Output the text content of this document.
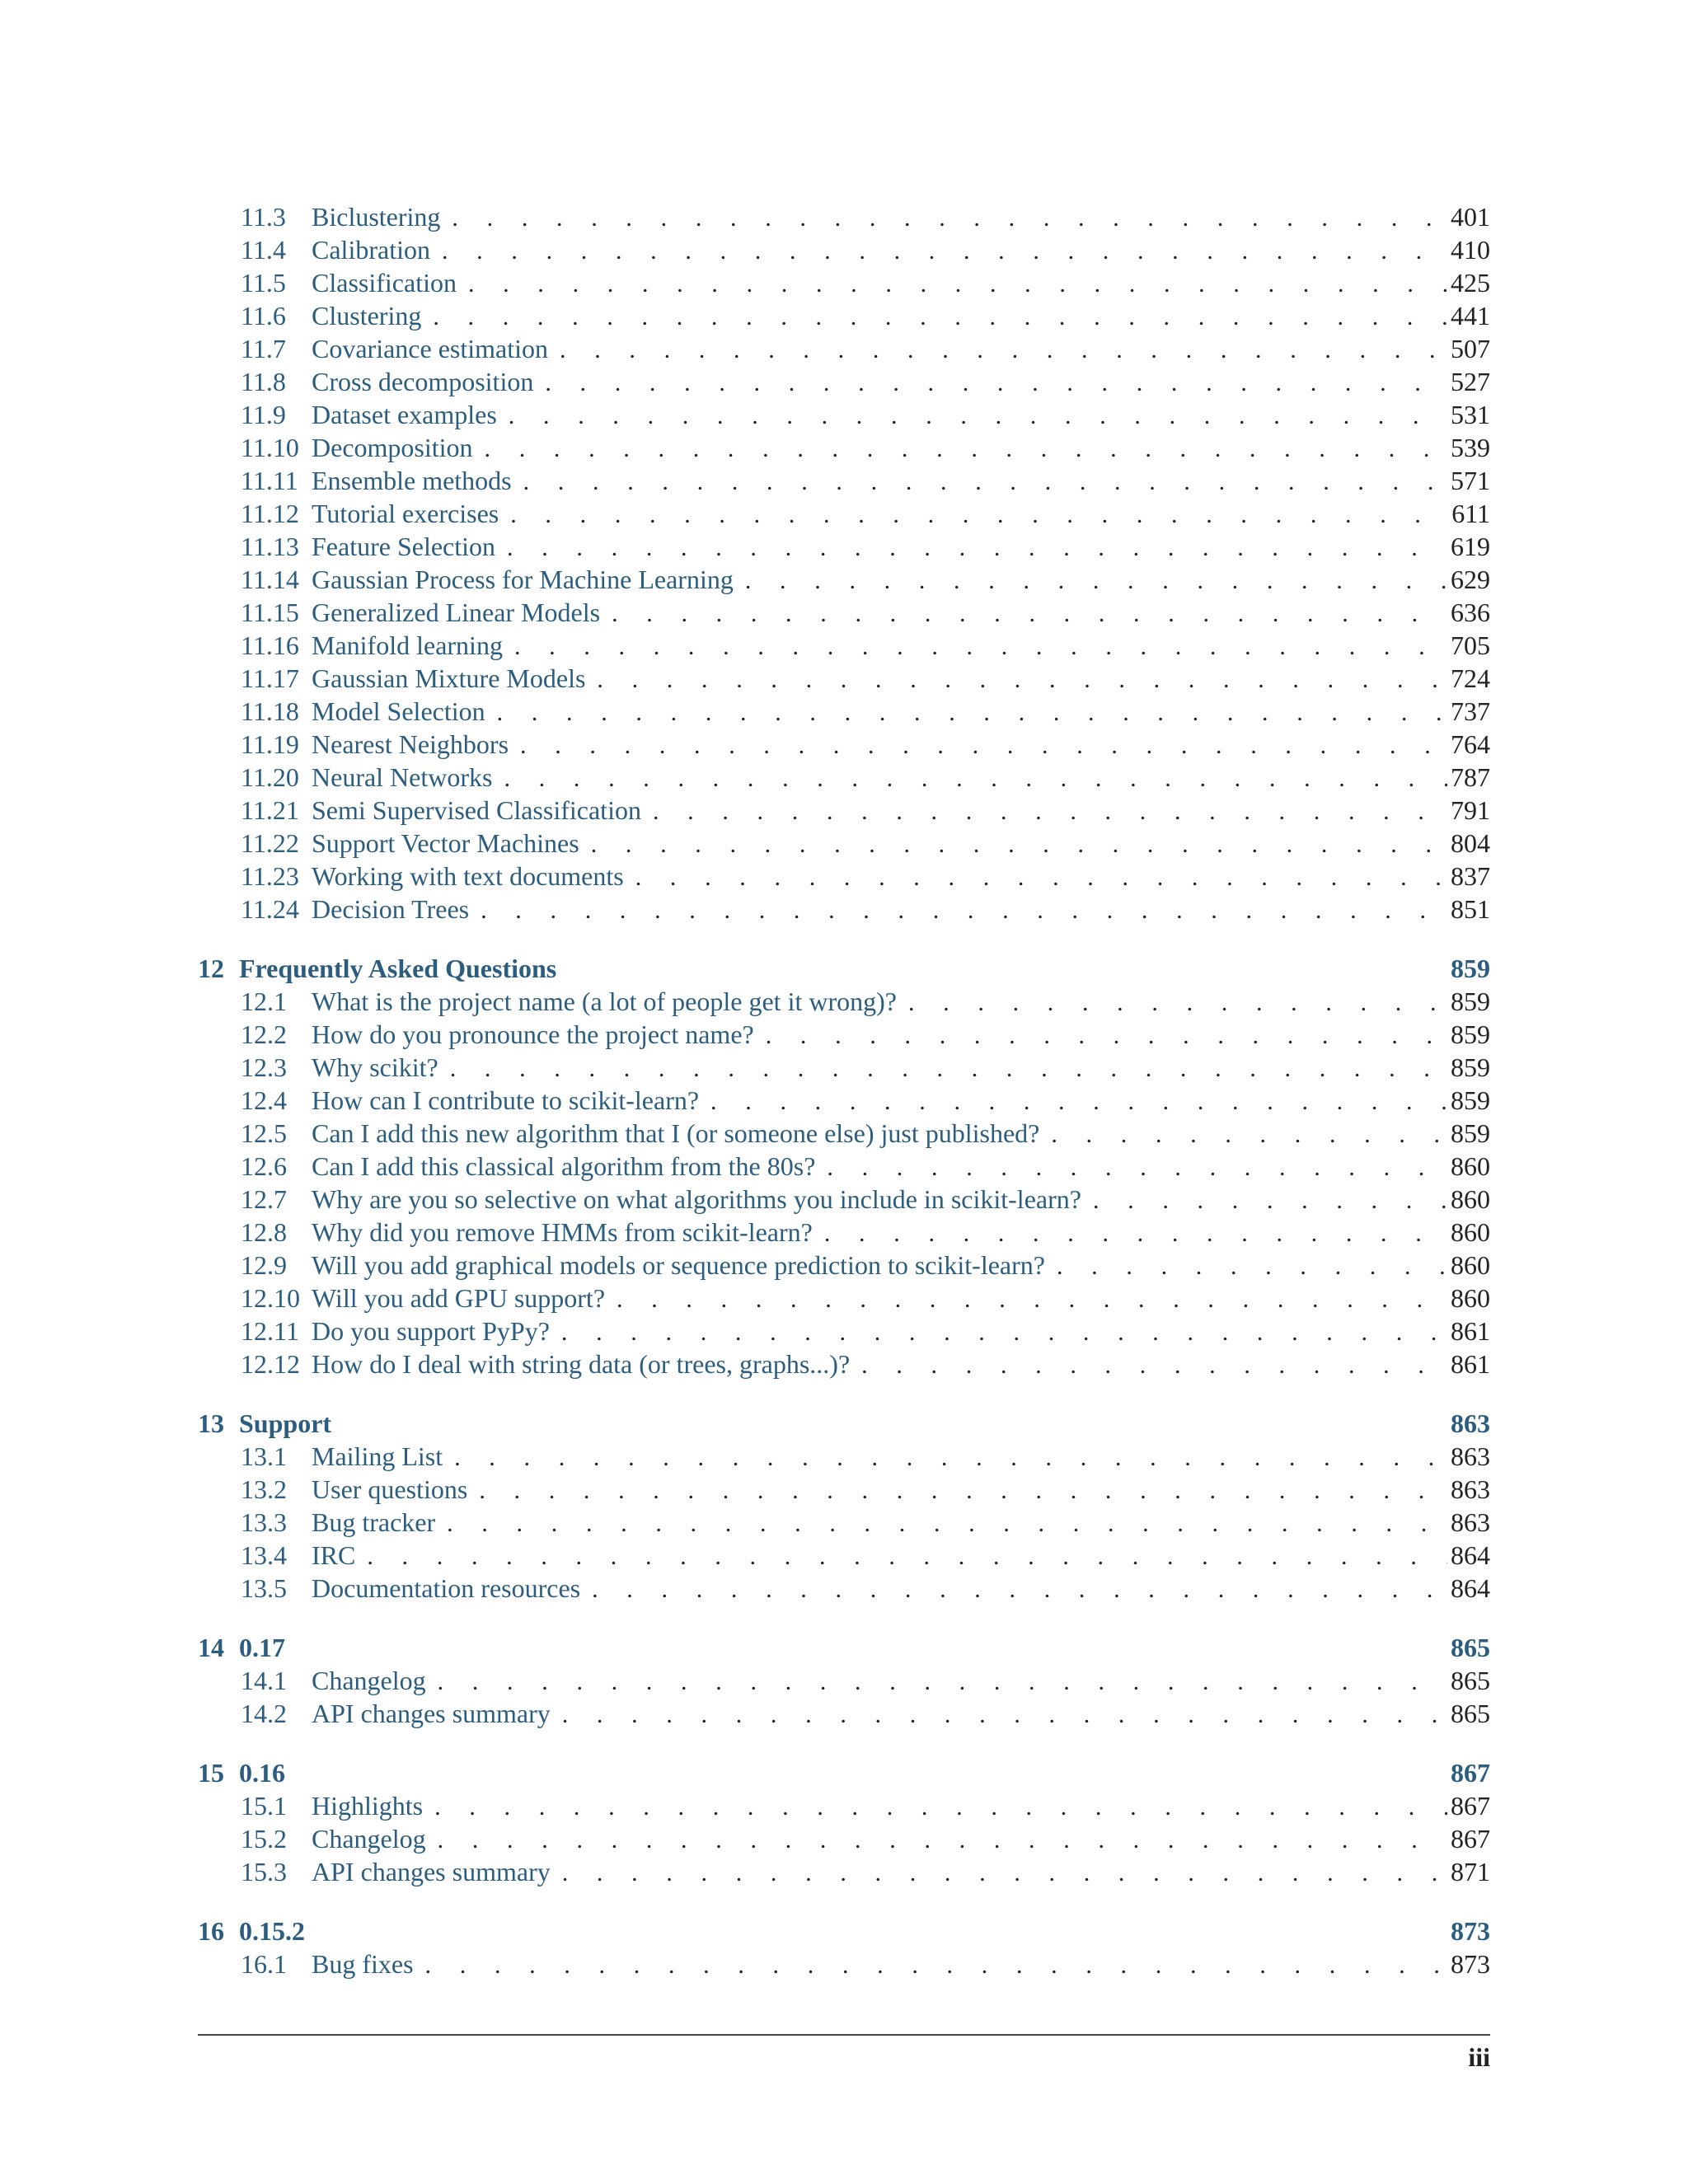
11.3 Biclustering . . .	401
11.4 Calibration . . .	410
11.5 Classification . . .	425
11.6 Clustering . . .	441
11.7 Covariance estimation . . .	507
11.8 Cross decomposition . . .	527
11.9 Dataset examples . . .	531
11.10 Decomposition . . .	539
11.11 Ensemble methods . . .	571
11.12 Tutorial exercises . . .	611
11.13 Feature Selection . . .	619
11.14 Gaussian Process for Machine Learning . . .	629
11.15 Generalized Linear Models . . .	636
11.16 Manifold learning . . .	705
11.17 Gaussian Mixture Models . . .	724
11.18 Model Selection . . .	737
11.19 Nearest Neighbors . . .	764
11.20 Neural Networks . . .	787
11.21 Semi Supervised Classification . . .	791
11.22 Support Vector Machines . . .	804
11.23 Working with text documents . . .	837
11.24 Decision Trees . . .	851
12 Frequently Asked Questions	859
12.1 What is the project name (a lot of people get it wrong)? . . .	859
12.2 How do you pronounce the project name? . . .	859
12.3 Why scikit? . . .	859
12.4 How can I contribute to scikit-learn? . . .	859
12.5 Can I add this new algorithm that I (or someone else) just published? . . .	859
12.6 Can I add this classical algorithm from the 80s? . . .	860
12.7 Why are you so selective on what algorithms you include in scikit-learn? . . .	860
12.8 Why did you remove HMMs from scikit-learn? . . .	860
12.9 Will you add graphical models or sequence prediction to scikit-learn? . . .	860
12.10 Will you add GPU support? . . .	860
12.11 Do you support PyPy? . . .	861
12.12 How do I deal with string data (or trees, graphs...)? . . .	861
13 Support	863
13.1 Mailing List . . .	863
13.2 User questions . . .	863
13.3 Bug tracker . . .	863
13.4 IRC . . .	864
13.5 Documentation resources . . .	864
14 0.17	865
14.1 Changelog . . .	865
14.2 API changes summary . . .	865
15 0.16	867
15.1 Highlights . . .	867
15.2 Changelog . . .	867
15.3 API changes summary . . .	871
16 0.15.2	873
16.1 Bug fixes . . .	873
iii
